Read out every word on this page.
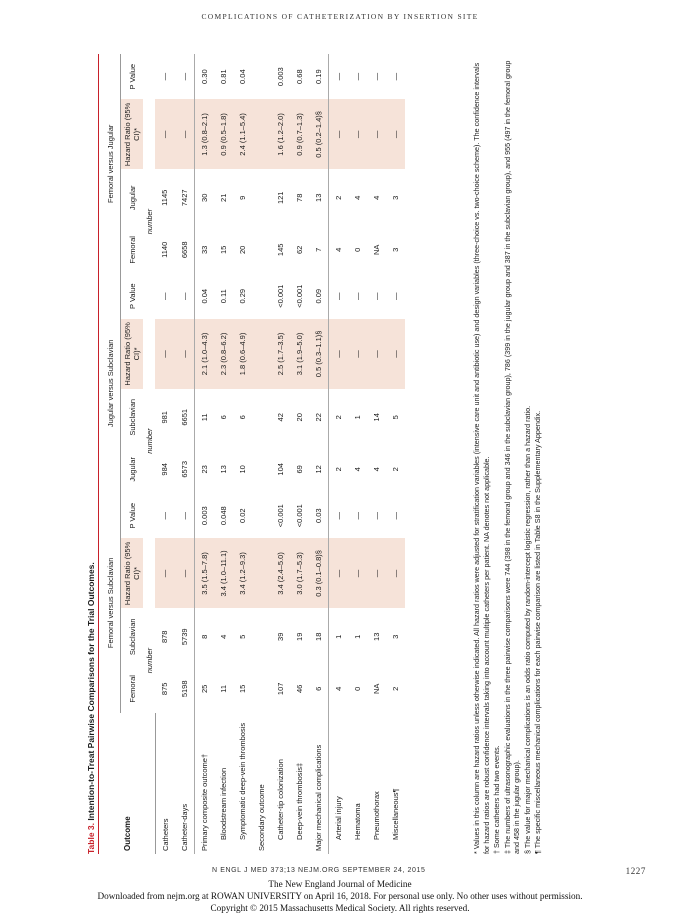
COMPLICATIONS OF CATHETERIZATION BY INSERTION SITE
Table 3. Intention-to-Treat Pairwise Comparisons for the Trial Outcomes.
Outcome	Femoral versus Subclavian				Jugular versus Subclavian				Femoral versus Jugular			
	Femoral	Subclavian	Hazard Ratio (95% CI)*	P Value	Jugular	Subclavian	Hazard Ratio (95% CI)*	P Value	Femoral	Jugular	Hazard Ratio (95% CI)*	P Value
	number				number				number			
Catheters	875	878	—	—	984	981	—	—	1140	1145	—	—
Catheter-days	5198	5739	—	—	6573	6651	—	—	6658	7427	—	—
Primary composite outcome†	25	8	3.5 (1.5–7.8)	0.003	23	11	2.1 (1.0–4.3)	0.04	33	30	1.3 (0.8–2.1)	0.30
Bloodstream infection	11	4	3.4 (1.0–11.1)	0.048	13	6	2.3 (0.8–6.2)	0.11	15	21	0.9 (0.5–1.8)	0.81
Symptomatic deep-vein thrombosis	15	5	3.4 (1.2–9.3)	0.02	10	6	1.8 (0.6–4.9)	0.29	20	9	2.4 (1.1–5.4)	0.04
Secondary outcome												
Catheter-tip colonization	107	39	3.4 (2.4–5.0)	<0.001	104	42	2.5 (1.7–3.5)	<0.001	145	121	1.6 (1.2–2.0)	0.003
Deep-vein thrombosis‡	46	19	3.0 (1.7–5.3)	<0.001	69	20	3.1 (1.9–5.0)	<0.001	62	78	0.9 (0.7–1.3)	0.68
Major mechanical complications	6	18	0.3 (0.1–0.8)§	0.03	12	22	0.5 (0.3–1.1)§	0.09	7	13	0.5 (0.2–1.4)§	0.19
Arterial injury	4	1	—	—	2	2	—	—	4	2	—	—
Hematoma	0	1	—	—	4	1	—	—	0	4	—	—
Pneumothorax	NA	13	—	—	4	14	—	—	NA	4	—	—
Miscellaneous¶	2	3	—	—	2	5	—	—	3	3	—	—	* Values in this column are hazard ratios unless otherwise indicated. All hazard ratios were adjusted for stratification variables (intensive care unit and antibiotic use) and design variables (three-choice vs. two-choice scheme). The confidence intervals for hazard ratios are robust confidence intervals taking into account multiple catheters per patient. NA denotes not applicable. † Some catheters had two events. ‡ The numbers of ultrasonographic evaluations in the three pairwise comparisons were 744 (398 in the femoral group and 346 in the subclavian group), 786 (399 in the jugular group and 387 in the subclavian group), and 955 (497 in the femoral group and 458 in the jugular group). § The value for major mechanical complications is an odds ratio computed by random-intercept logistic regression, rather than a hazard ratio. ¶ The specific miscellaneous mechanical complications for each pairwise comparison are listed in Table S8 in the Supplementary Appendix.

N ENGL J MED 373;13 NEJM.ORG SEPTEMBER 24, 2015	1227
The New England Journal of Medicine
Downloaded from nejm.org at ROWAN UNIVERSITY on April 16, 2018. For personal use only. No other uses without permission.
Copyright © 2015 Massachusetts Medical Society. All rights reserved.
